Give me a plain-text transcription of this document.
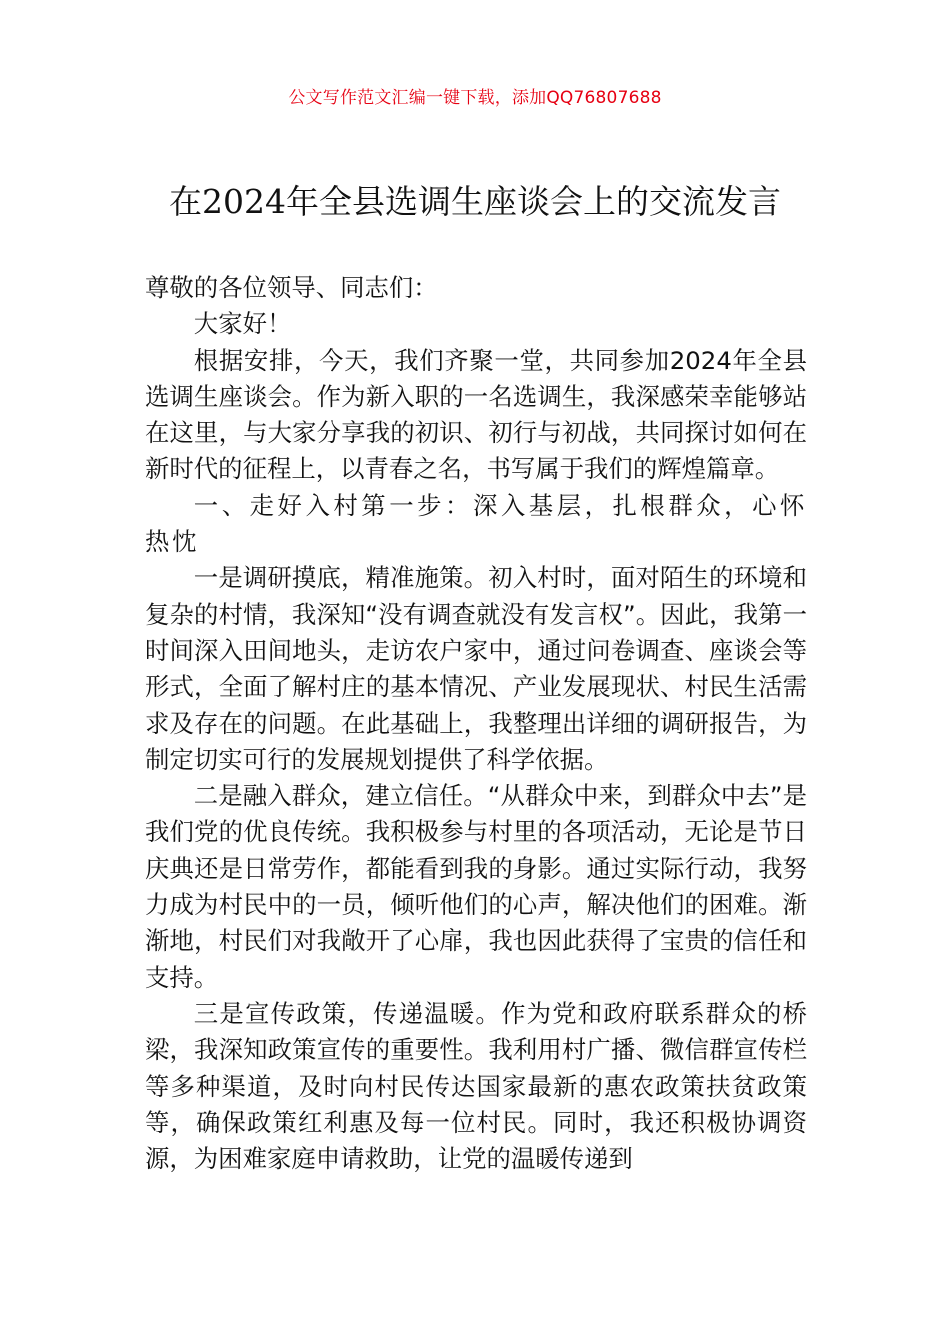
公文写作范文汇编一键下载，添加QQ76807688
在2024年全县选调生座谈会上的交流发言

尊敬的各位领导、同志们：

大家好！

根据安排，今天，我们齐聚一堂，共同参加2024年全县选调生座谈会。作为新入职的一名选调生，我深感荣幸能够站在这里，与大家分享我的初识、初行与初战，共同探讨如何在新时代的征程上，以青春之名，书写属于我们的辉煌篇章。

一、走好入村第一步：深入基层，扎根群众，心怀热忱

一是调研摸底，精准施策。初入村时，面对陌生的环境和复杂的村情，我深知“没有调查就没有发言权”。因此，我第一时间深入田间地头，走访农户家中，通过问卷调查、座谈会等形式，全面了解村庄的基本情况、产业发展现状、村民生活需求及存在的问题。在此基础上，我整理出详细的调研报告，为制定切实可行的发展规划提供了科学依据。

二是融入群众，建立信任。“从群众中来，到群众中去”是我们党的优良传统。我积极参与村里的各项活动，无论是节日庆典还是日常劳作，都能看到我的身影。通过实际行动，我努力成为村民中的一员，倾听他们的心声，解决他们的困难。渐渐地，村民们对我敞开了心扉，我也因此获得了宝贵的信任和支持。

三是宣传政策，传递温暖。作为党和政府联系群众的桥梁，我深知政策宣传的重要性。我利用村广播、微信群宣传栏等多种渠道，及时向村民传达国家最新的惠农政策扶贫政策等，确保政策红利惠及每一位村民。同时，我还积极协调资源，为困难家庭申请救助，让党的温暖传递到
